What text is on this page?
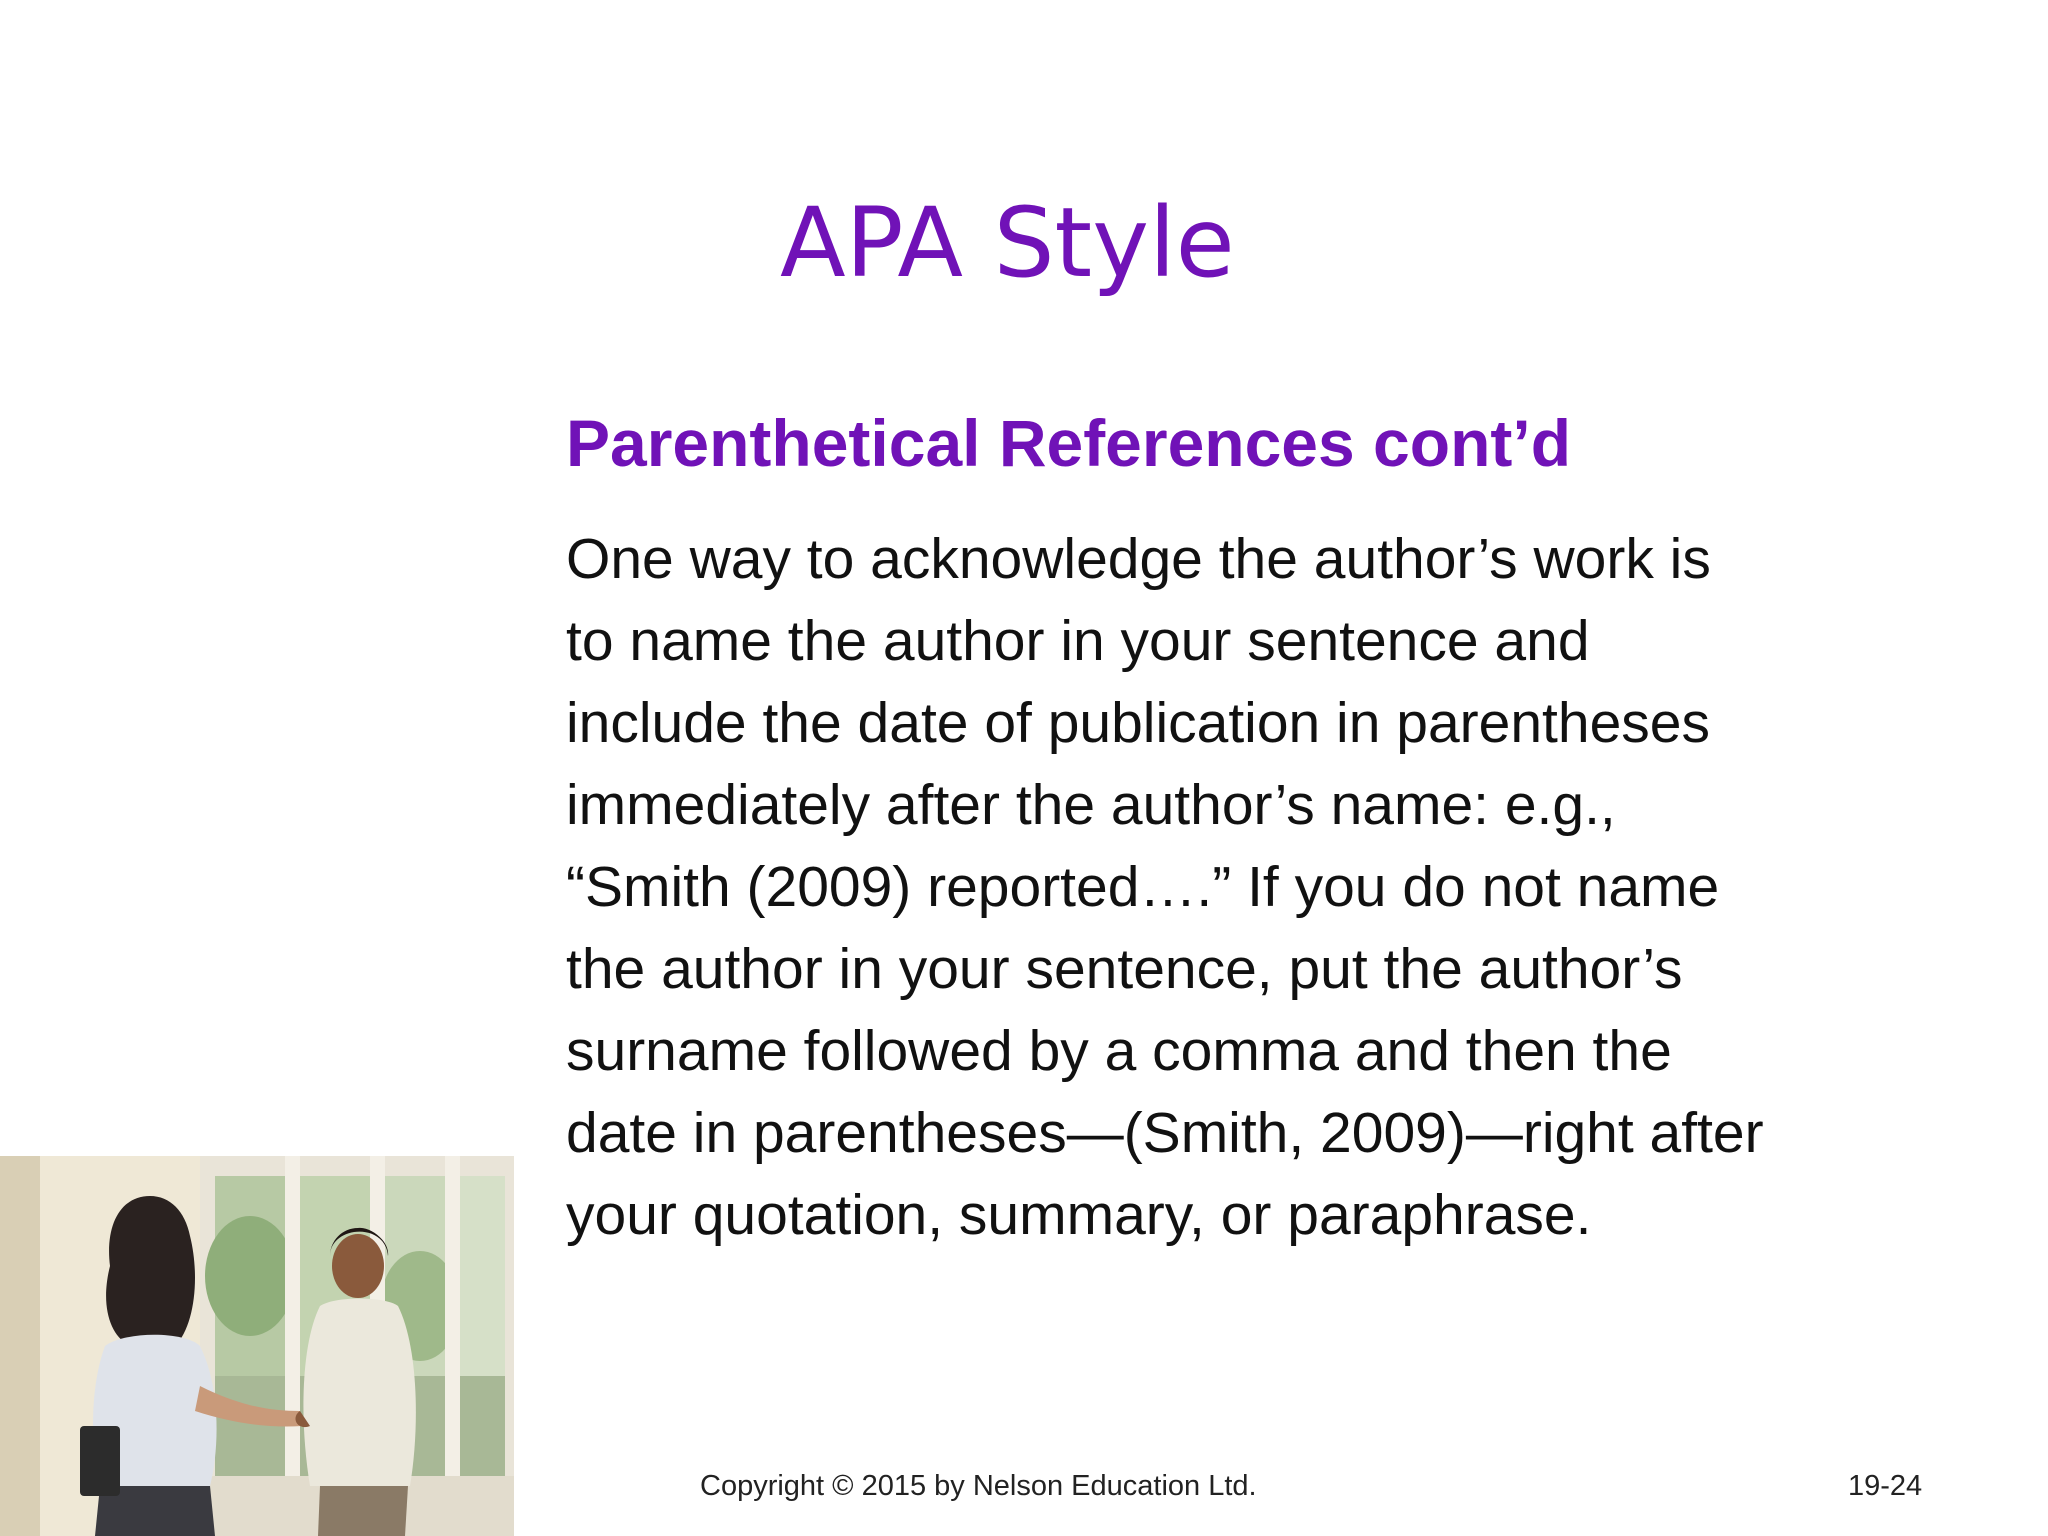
APA Style
Parenthetical References cont’d
One way to acknowledge the author’s work is
to name the author in your sentence and
include the date of publication in parentheses
immediately after the author’s name: e.g.,
“Smith (2009) reported….” If you do not name
the author in your sentence, put the author’s
surname followed by a comma and then the
date in parentheses—(Smith, 2009)—right after
your quotation, summary, or paraphrase.
Copyright © 2015 by Nelson Education Ltd.	19-24
